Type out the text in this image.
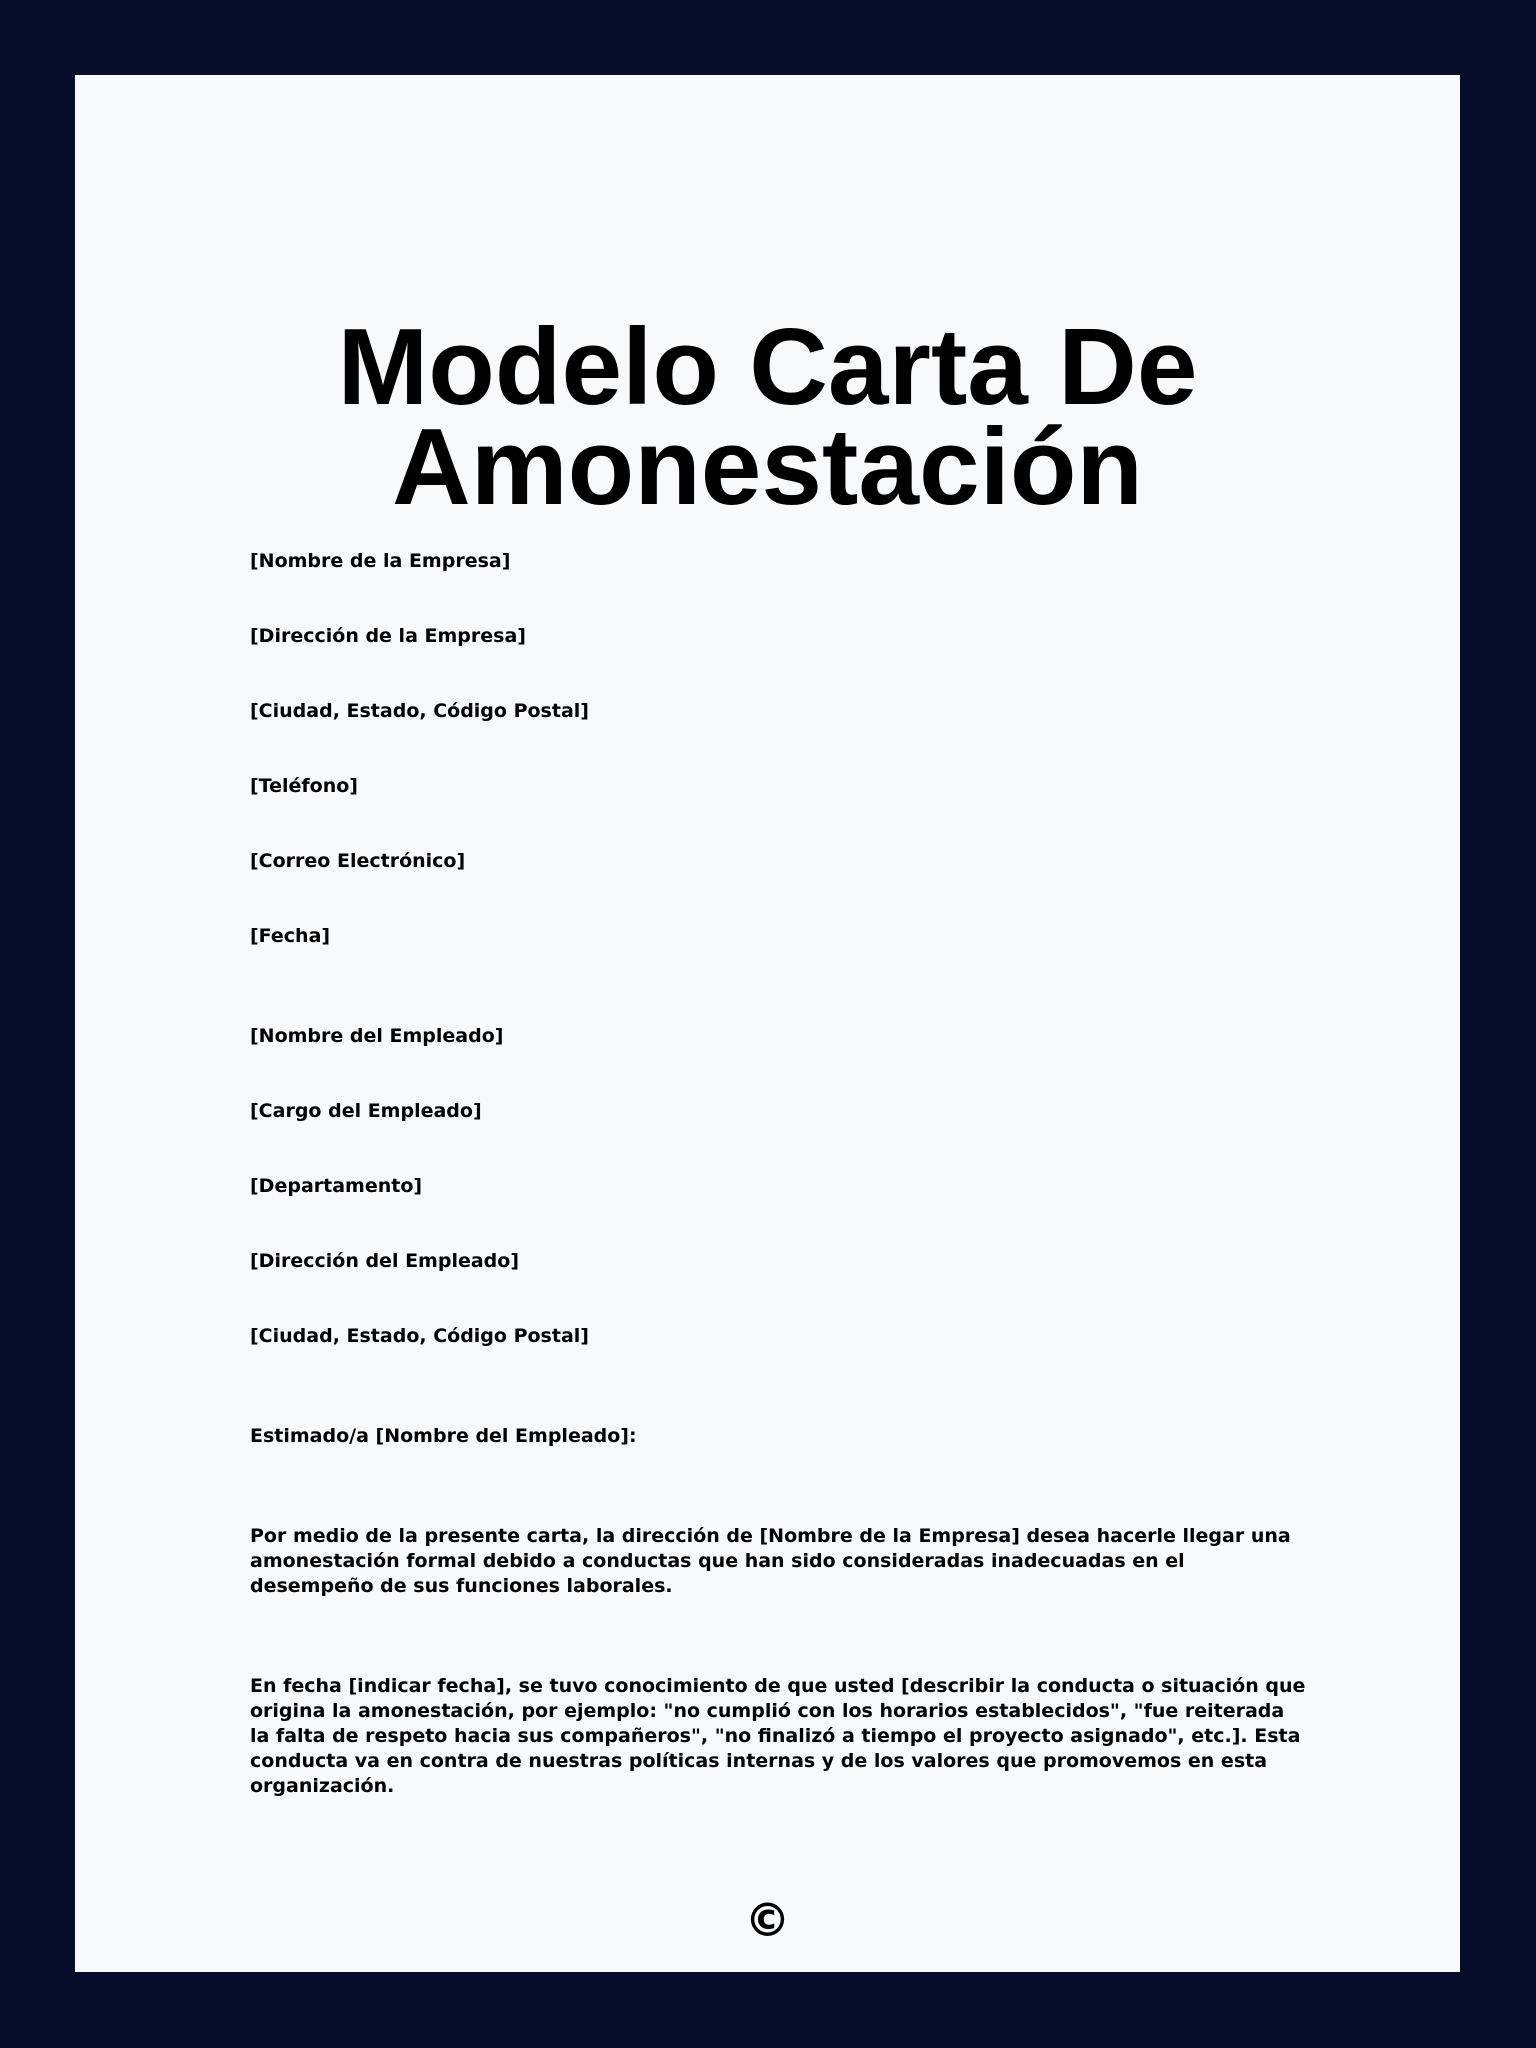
Modelo Carta De
Amonestación
[Nombre de la Empresa]
[Dirección de la Empresa]
[Ciudad, Estado, Código Postal]
[Teléfono]
[Correo Electrónico]
[Fecha]
[Nombre del Empleado]
[Cargo del Empleado]
[Departamento]
[Dirección del Empleado]
[Ciudad, Estado, Código Postal]
Estimado/a [Nombre del Empleado]:
Por medio de la presente carta, la dirección de [Nombre de la Empresa] desea hacerle llegar una amonestación formal debido a conductas que han sido consideradas inadecuadas en el desempeño de sus funciones laborales.
En fecha [indicar fecha], se tuvo conocimiento de que usted [describir la conducta o situación que origina la amonestación, por ejemplo: "no cumplió con los horarios establecidos", "fue reiterada la falta de respeto hacia sus compañeros", "no finalizó a tiempo el proyecto asignado", etc.]. Esta conducta va en contra de nuestras políticas internas y de los valores que promovemos en esta organización.
©
